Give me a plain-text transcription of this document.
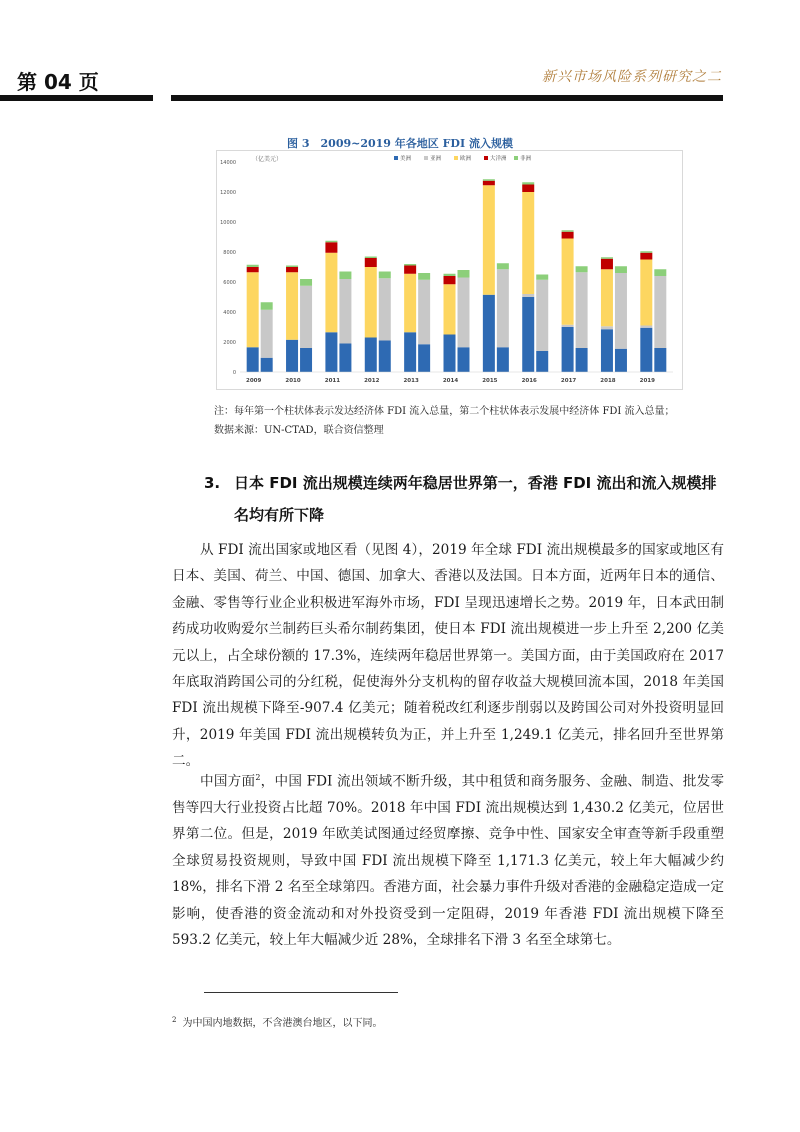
第 04 页	新兴市场风险系列研究之二
图 3　2009~2019 年各地区 FDI 流入规模
（亿美元）
0
2000
4000
6000
8000
10000
12000
14000
美洲	亚洲	欧洲	大洋洲 非洲
2009	2010	2011	2012	2013	2014	2015	2016	2017	2018	2019
注：每年第一个柱状体表示发达经济体 FDI 流入总量，第二个柱状体表示发展中经济体 FDI 流入总量；
数据来源：UN-CTAD，联合资信整理
3. 日本 FDI 流出规模连续两年稳居世界第一，香港 FDI 流出和流入规模排名均有所下降

从 FDI 流出国家或地区看（见图 4），2019 年全球 FDI 流出规模最多的国家或地区有日本、美国、荷兰、中国、德国、加拿大、香港以及法国。日本方面，近两年日本的通信、金融、零售等行业企业积极进军海外市场，FDI 呈现迅速增长之势。2019 年，日本武田制药成功收购爱尔兰制药巨头希尔制药集团，使日本 FDI 流出规模进一步上升至 2,200 亿美元以上，占全球份额的 17.3%，连续两年稳居世界第一。美国方面，由于美国政府在 2017 年底取消跨国公司的分红税，促使海外分支机构的留存收益大规模回流本国，2018 年美国 FDI 流出规模下降至-907.4 亿美元；随着税改红利逐步削弱以及跨国公司对外投资明显回升，2019 年美国 FDI 流出规模转负为正，并上升至 1,249.1 亿美元，排名回升至世界第二。

中国方面$^2$，中国 FDI 流出领域不断升级，其中租赁和商务服务、金融、制造、批发零售等四大行业投资占比超 70%。2018 年中国 FDI 流出规模达到 1,430.2 亿美元，位居世界第二位。但是，2019 年欧美试图通过经贸摩擦、竞争中性、国家安全审查等新手段重塑全球贸易投资规则，导致中国 FDI 流出规模下降至 1,171.3 亿美元，较上年大幅减少约 18%，排名下滑 2 名至全球第四。香港方面，社会暴力事件升级对香港的金融稳定造成一定影响，使香港的资金流动和对外投资受到一定阻碍，2019 年香港 FDI 流出规模下降至 593.2 亿美元，较上年大幅减少近 28%，全球排名下滑 3 名至全球第七。

$^2$ 为中国内地数据，不含港澳台地区，以下同。
